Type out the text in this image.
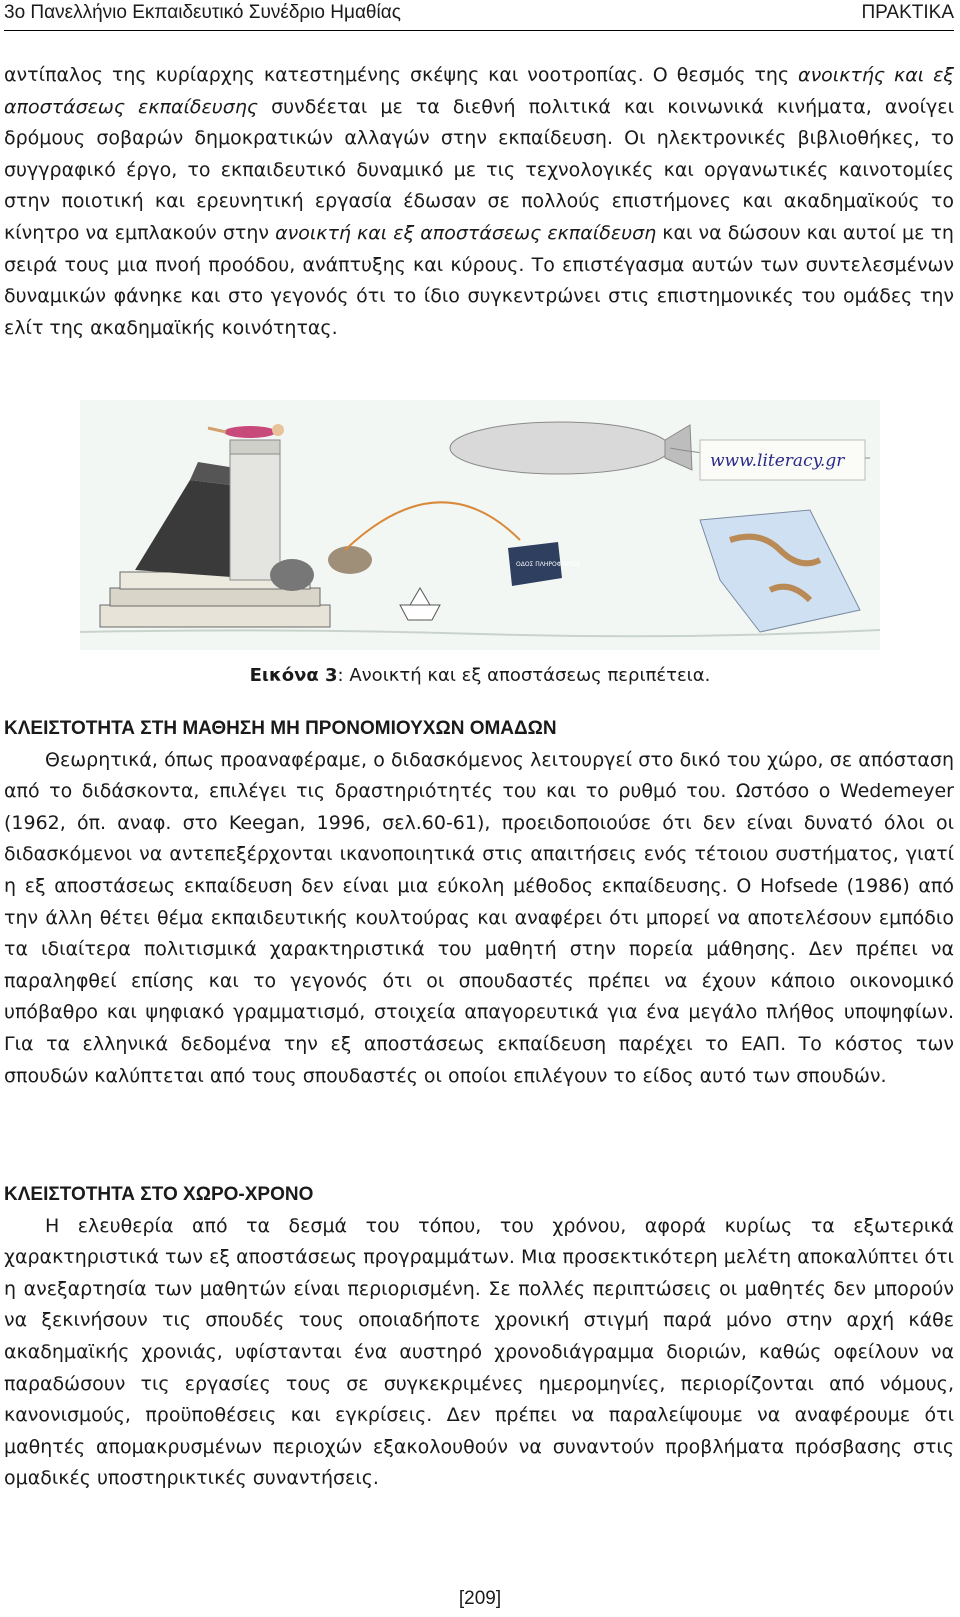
3ο Πανελλήνιο Εκπαιδευτικό Συνέδριο Ημαθίας	ΠΡΑΚΤΙΚΑ

αντίπαλος της κυρίαρχης κατεστημένης σκέψης και νοοτροπίας. Ο θεσμός της ανοικτής και εξ αποστάσεως εκπαίδευσης συνδέεται με τα διεθνή πολιτικά και κοινωνικά κινήματα, ανοίγει δρόμους σοβαρών δημοκρατικών αλλαγών στην εκπαίδευση. Οι ηλεκτρονικές βιβλιοθήκες, το συγγραφικό έργο, το εκπαιδευτικό δυναμικό με τις τεχνολογικές και οργανωτικές καινοτομίες στην ποιοτική και ερευνητική εργασία έδωσαν σε πολλούς επιστήμονες και ακαδημαϊκούς το κίνητρο να εμπλακούν στην ανοικτή και εξ αποστάσεως εκπαίδευση και να δώσουν και αυτοί με τη σειρά τους μια πνοή προόδου, ανάπτυξης και κύρους. Το επιστέγασμα αυτών των συντελεσμένων δυναμικών φάνηκε και στο γεγονός ότι το ίδιο συγκεντρώνει στις επιστημονικές του ομάδες την ελίτ της ακαδημαϊκής κοινότητας.

ΟΔΟΣ ΠΛΗΡΟΦΟΡΙΩΝ
www.literacy.gr
Εικόνα 3: Ανοικτή και εξ αποστάσεως περιπέτεια.

ΚΛΕΙΣΤΟΤΗΤΑ ΣΤΗ ΜΑΘΗΣΗ ΜΗ ΠΡΟΝΟΜΙΟΥΧΩΝ ΟΜΑΔΩΝ

Θεωρητικά, όπως προαναφέραμε, ο διδασκόμενος λειτουργεί στο δικό του χώρο, σε απόσταση από το διδάσκοντα, επιλέγει τις δραστηριότητές του και το ρυθμό του. Ωστόσο ο Wedemeyer (1962, όπ. αναφ. στο Keegan, 1996, σελ.60-61), προειδοποιούσε ότι δεν είναι δυνατό όλοι οι διδασκόμενοι να αντεπεξέρχονται ικανοποιητικά στις απαιτήσεις ενός τέτοιου συστήματος, γιατί η εξ αποστάσεως εκπαίδευση δεν είναι μια εύκολη μέθοδος εκπαίδευσης. Ο Hofsede (1986) από την άλλη θέτει θέμα εκπαιδευτικής κουλτούρας και αναφέρει ότι μπορεί να αποτελέσουν εμπόδιο τα ιδιαίτερα πολιτισμικά χαρακτηριστικά του μαθητή στην πορεία μάθησης. Δεν πρέπει να παραληφθεί επίσης και το γεγονός ότι οι σπουδαστές πρέπει να έχουν κάποιο οικονομικό υπόβαθρο και ψηφιακό γραμματισμό, στοιχεία απαγορευτικά για ένα μεγάλο πλήθος υποψηφίων. Για τα ελληνικά δεδομένα την εξ αποστάσεως εκπαίδευση παρέχει το ΕΑΠ. Το κόστος των σπουδών καλύπτεται από τους σπουδαστές οι οποίοι επιλέγουν το είδος αυτό των σπουδών.

ΚΛΕΙΣΤΟΤΗΤΑ ΣΤΟ ΧΩΡΟ-ΧΡΟΝΟ

Η ελευθερία από τα δεσμά του τόπου, του χρόνου, αφορά κυρίως τα εξωτερικά χαρακτηριστικά των εξ αποστάσεως προγραμμάτων. Μια προσεκτικότερη μελέτη αποκαλύπτει ότι η ανεξαρτησία των μαθητών είναι περιορισμένη. Σε πολλές περιπτώσεις οι μαθητές δεν μπορούν να ξεκινήσουν τις σπουδές τους οποιαδήποτε χρονική στιγμή παρά μόνο στην αρχή κάθε ακαδημαϊκής χρονιάς, υφίστανται ένα αυστηρό χρονοδιάγραμμα διοριών, καθώς οφείλουν να παραδώσουν τις εργασίες τους σε συγκεκριμένες ημερομηνίες, περιορίζονται από νόμους, κανονισμούς, προϋποθέσεις και εγκρίσεις. Δεν πρέπει να παραλείψουμε να αναφέρουμε ότι μαθητές απομακρυσμένων περιοχών εξακολουθούν να συναντούν προβλήματα πρόσβασης στις ομαδικές υποστηρικτικές συναντήσεις.

[209]
